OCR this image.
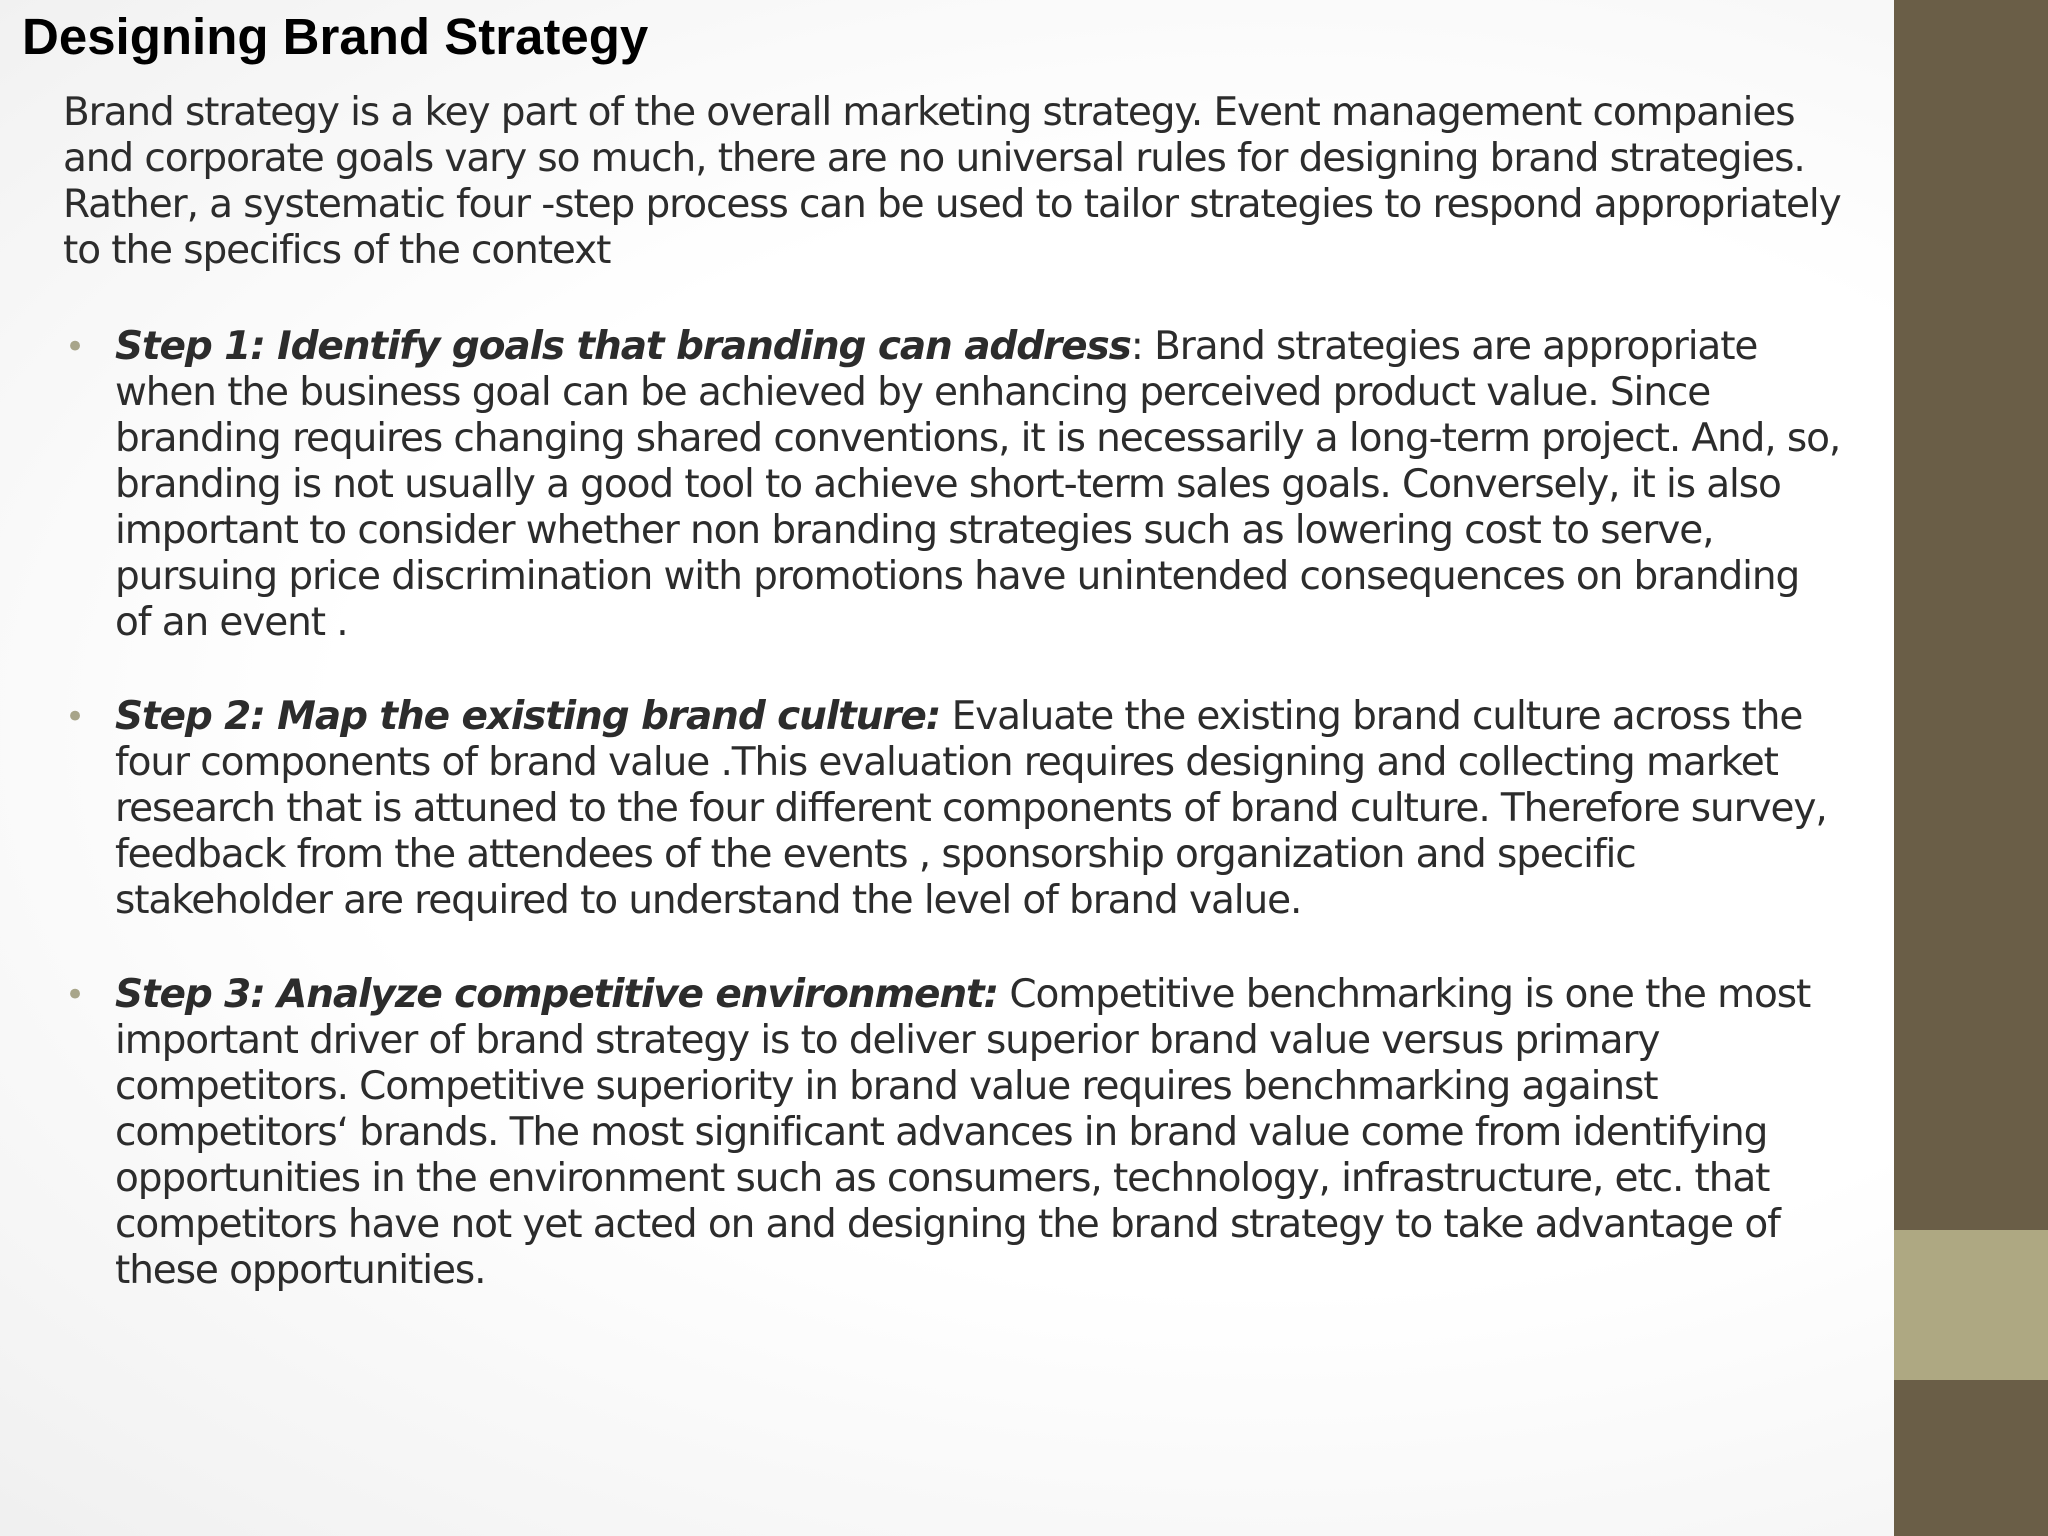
Designing Brand Strategy

Brand strategy is a key part of the overall marketing strategy. Event management companies and corporate goals vary so much, there are no universal rules for designing brand strategies. Rather, a systematic four -step process can be used to tailor strategies to respond appropriately to the specifics of the context

• Step 1: Identify goals that branding can address: Brand strategies are appropriate when the business goal can be achieved by enhancing perceived product value. Since branding requires changing shared conventions, it is necessarily a long-term project. And, so, branding is not usually a good tool to achieve short-term sales goals. Conversely, it is also important to consider whether non branding strategies such as lowering cost to serve, pursuing price discrimination with promotions have unintended consequences on branding of an event .
• Step 2: Map the existing brand culture: Evaluate the existing brand culture across the four components of brand value .This evaluation requires designing and collecting market research that is attuned to the four different components of brand culture. Therefore survey, feedback from the attendees of the events , sponsorship organization and specific stakeholder are required to understand the level of brand value.
• Step 3: Analyze competitive environment: Competitive benchmarking is one the most important driver of brand strategy is to deliver superior brand value versus primary competitors. Competitive superiority in brand value requires benchmarking against competitors‘ brands. The most significant advances in brand value come from identifying opportunities in the environment such as consumers, technology, infrastructure, etc. that competitors have not yet acted on and designing the brand strategy to take advantage of these opportunities.
